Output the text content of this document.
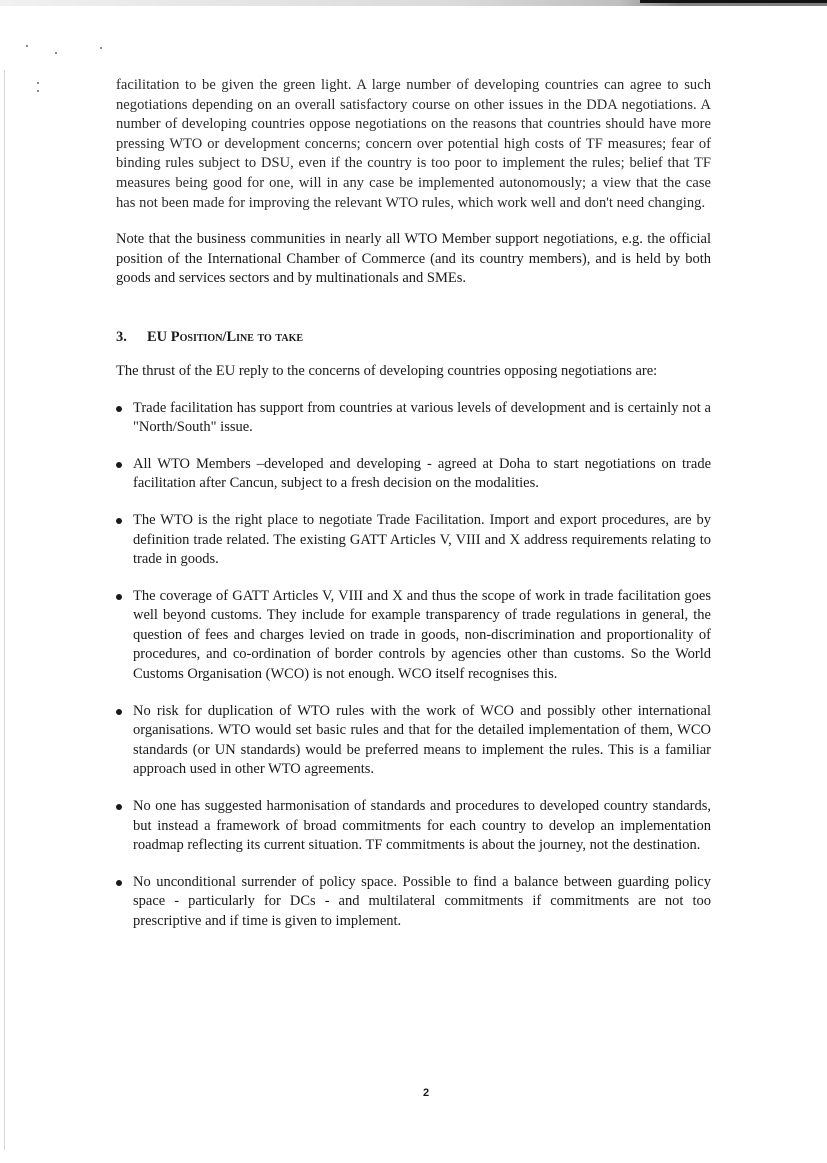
facilitation to be given the green light. A large number of developing countries can agree to such negotiations depending on an overall satisfactory course on other issues in the DDA negotiations. A number of developing countries oppose negotiations on the reasons that countries should have more pressing WTO or development concerns; concern over potential high costs of TF measures; fear of binding rules subject to DSU, even if the country is too poor to implement the rules; belief that TF measures being good for one, will in any case be implemented autonomously; a view that the case has not been made for improving the relevant WTO rules, which work well and don't need changing.

Note that the business communities in nearly all WTO Member support negotiations, e.g. the official position of the International Chamber of Commerce (and its country members), and is held by both goods and services sectors and by multinationals and SMEs.

3.	EU Position/Line to take

The thrust of the EU reply to the concerns of developing countries opposing negotiations are:

Trade facilitation has support from countries at various levels of development and is certainly not a "North/South" issue.
All WTO Members –developed and developing - agreed at Doha to start negotiations on trade facilitation after Cancun, subject to a fresh decision on the modalities.
The WTO is the right place to negotiate Trade Facilitation. Import and export procedures, are by definition trade related. The existing GATT Articles V, VIII and X address requirements relating to trade in goods.
The coverage of GATT Articles V, VIII and X and thus the scope of work in trade facilitation goes well beyond customs. They include for example transparency of trade regulations in general, the question of fees and charges levied on trade in goods, non-discrimination and proportionality of procedures, and co-ordination of border controls by agencies other than customs. So the World Customs Organisation (WCO) is not enough. WCO itself recognises this.
No risk for duplication of WTO rules with the work of WCO and possibly other international organisations. WTO would set basic rules and that for the detailed implementation of them, WCO standards (or UN standards) would be preferred means to implement the rules. This is a familiar approach used in other WTO agreements.
No one has suggested harmonisation of standards and procedures to developed country standards, but instead a framework of broad commitments for each country to develop an implementation roadmap reflecting its current situation. TF commitments is about the journey, not the destination.
No unconditional surrender of policy space. Possible to find a balance between guarding policy space - particularly for DCs - and multilateral commitments if commitments are not too prescriptive and if time is given to implement.
2
